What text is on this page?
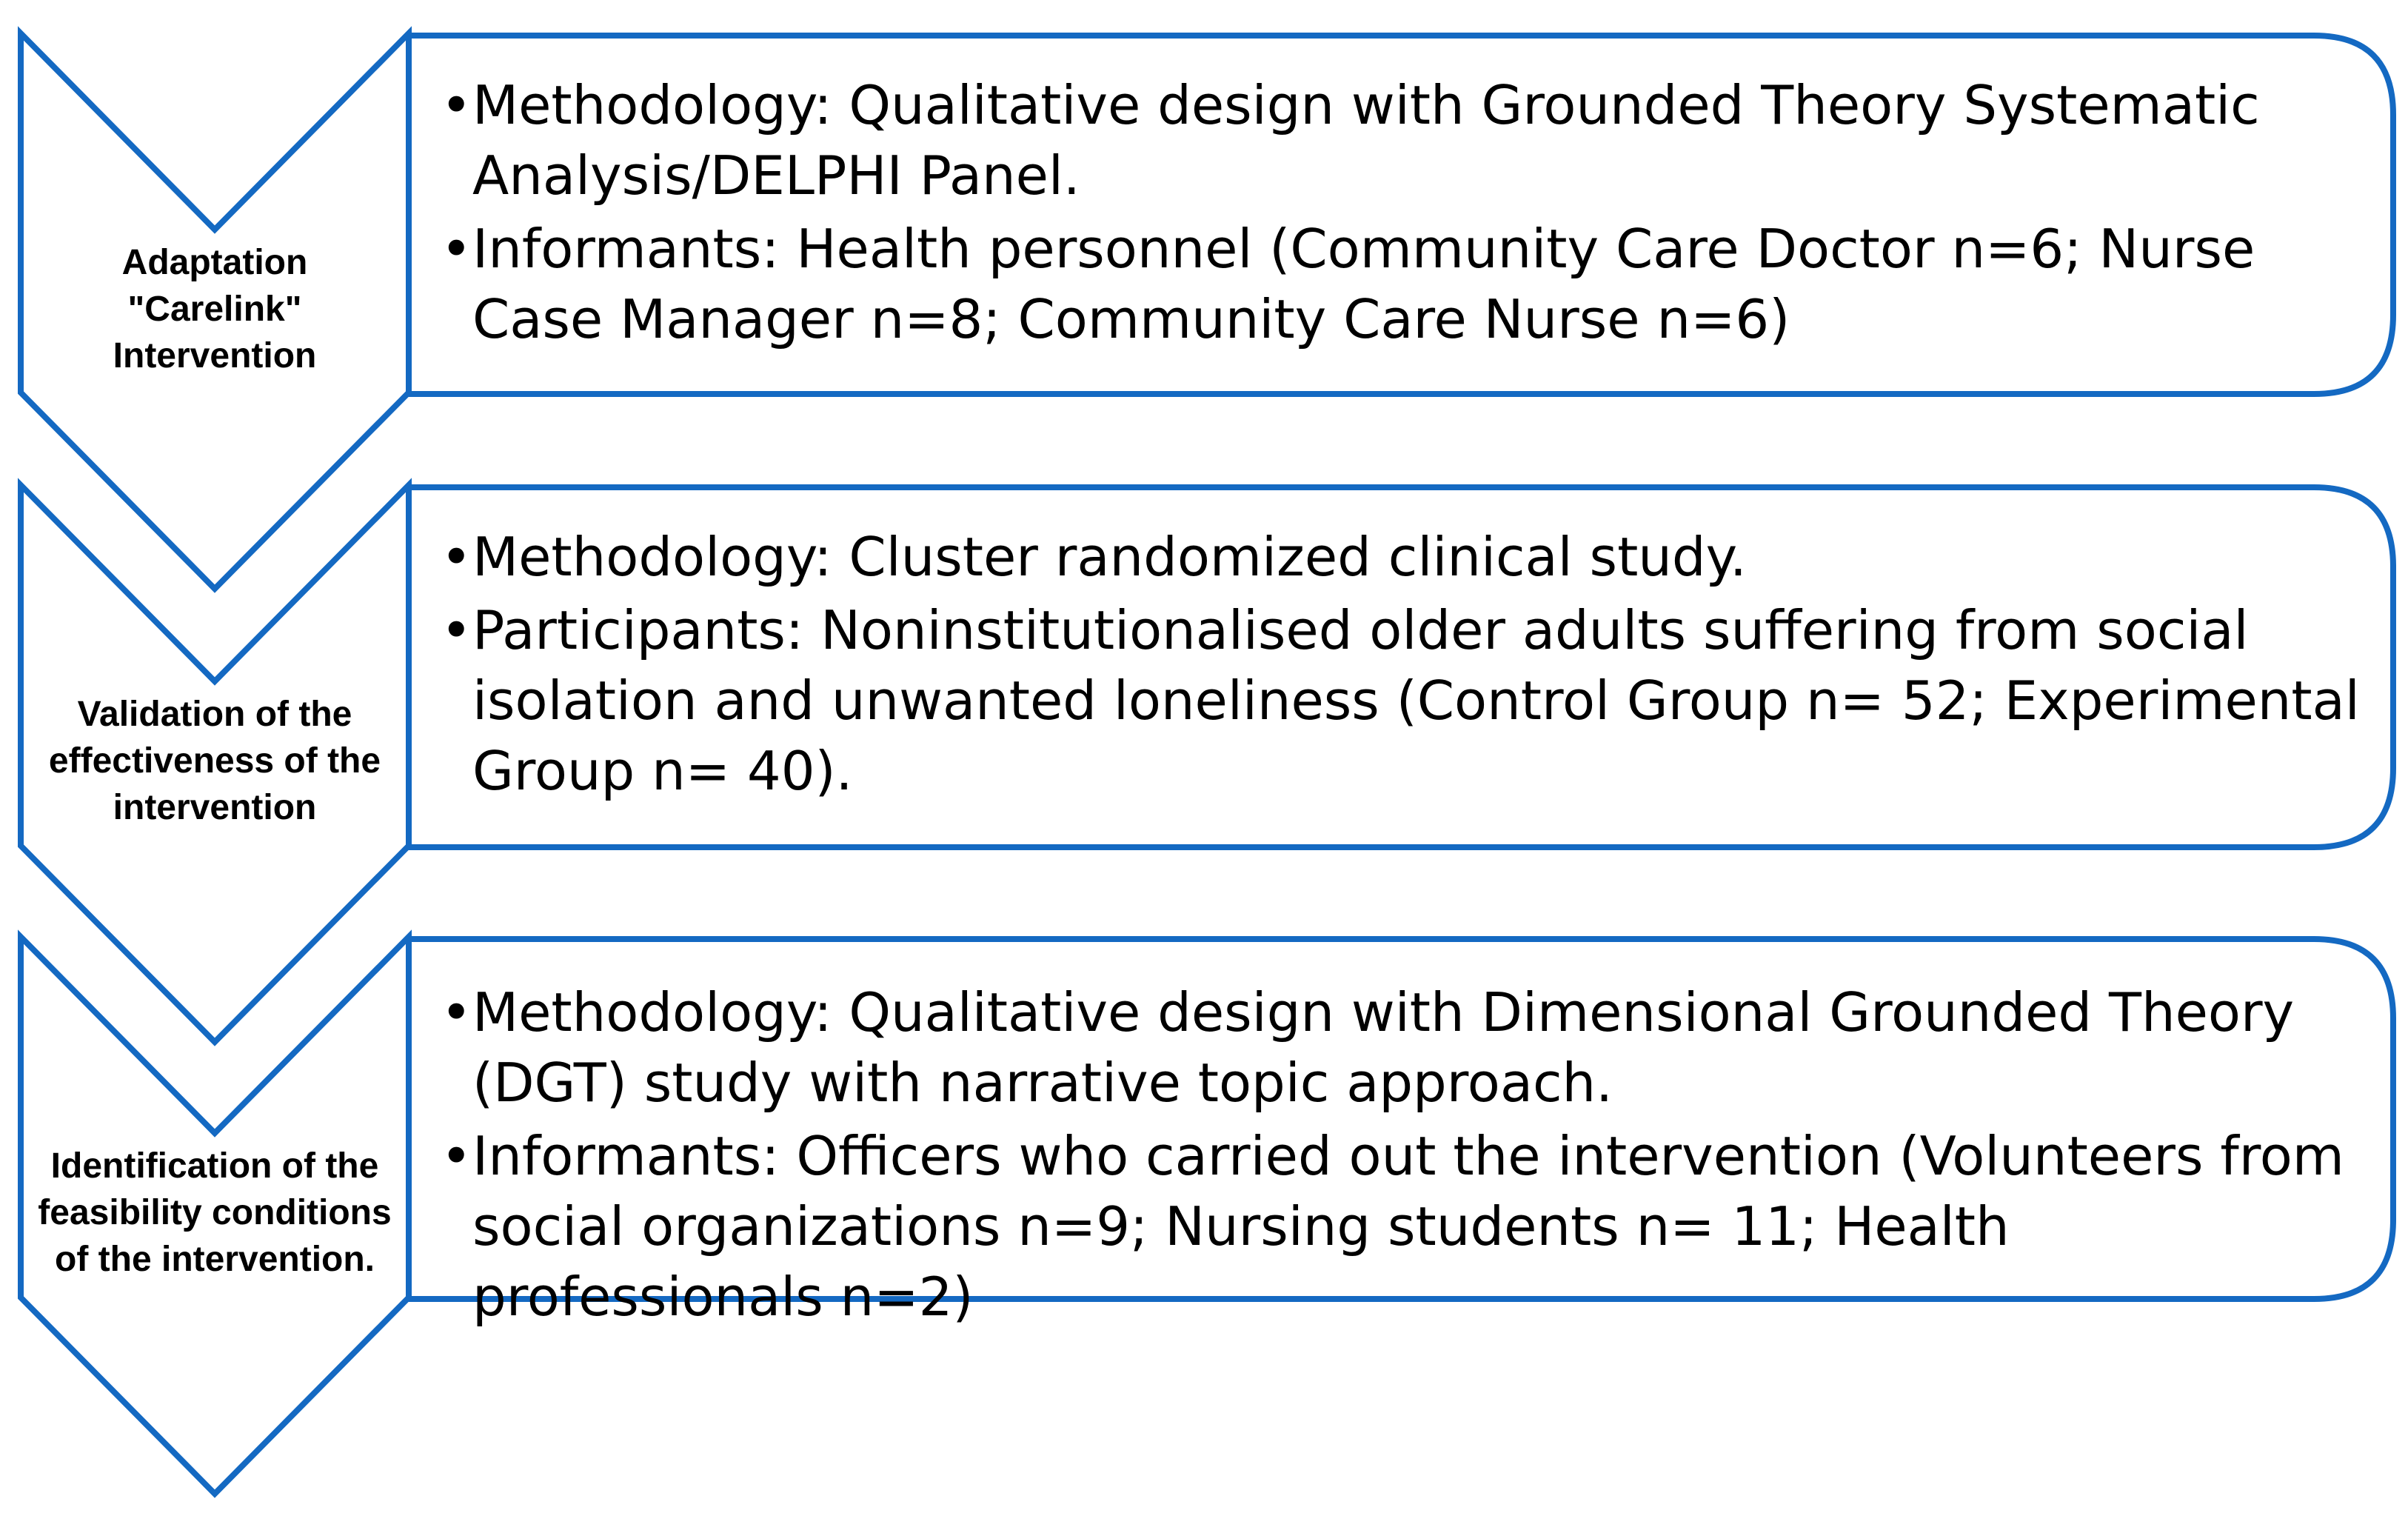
Adaptation
"Carelink"
Intervention
• Methodology: Qualitative design with Grounded Theory Systematic Analysis/DELPHI Panel.
• Informants: Health personnel (Community Care Doctor n=6; Nurse Case Manager n=8; Community Care Nurse n=6)
Validation of the
effectiveness of the
intervention
• Methodology: Cluster randomized clinical study.
• Participants: Noninstitutionalised older adults suffering from social isolation and unwanted loneliness (Control Group n= 52; Experimental Group n= 40).
Identification of the
feasibility conditions
of the intervention.
• Methodology: Qualitative design with Dimensional Grounded Theory (DGT) study with narrative topic approach.
• Informants: Officers who carried out the intervention (Volunteers from social organizations n=9; Nursing students n= 11; Health professionals n=2)
